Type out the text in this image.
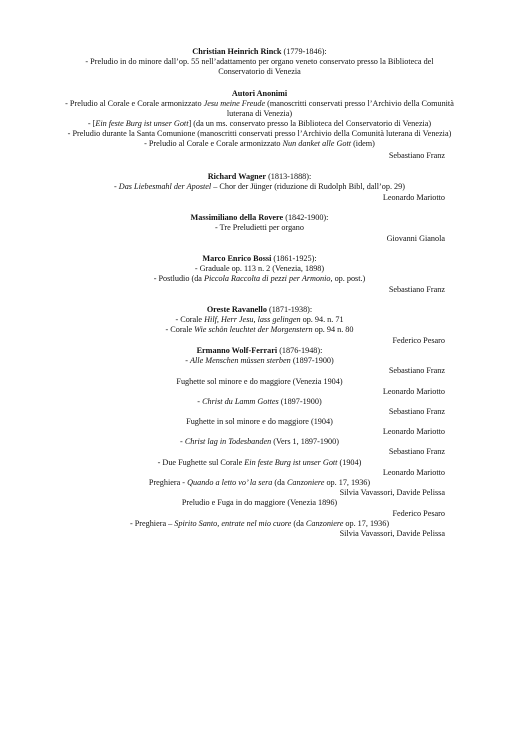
Christian Heinrich Rinck (1779-1846):
- Preludio in do minore dall’op. 55 nell’adattamento per organo veneto conservato presso la Biblioteca del
Conservatorio di Venezia
Autori Anonimi
- Preludio al Corale e Corale armonizzato Jesu meine Freude (manoscritti conservati presso l’Archivio della Comunità
luterana di Venezia)
- [Ein feste Burg ist unser Gott] (da un ms. conservato presso la Biblioteca del Conservatorio di Venezia)
- Preludio durante la Santa Comunione (manoscritti conservati presso l’Archivio della Comunità luterana di Venezia)
- Preludio al Corale e Corale armonizzato Nun danket alle Gott (idem)
Sebastiano Franz
Richard Wagner (1813-1888):
- Das Liebesmahl der Apostel – Chor der Jünger (riduzione di Rudolph Bibl, dall’op. 29)
Leonardo Mariotto
Massimiliano della Rovere (1842-1900):
- Tre Preludietti per organo
Giovanni Gianola
Marco Enrico Bossi (1861-1925):
- Graduale op. 113 n. 2 (Venezia, 1898)
- Postludio (da Piccola Raccolta di pezzi per Armonio, op. post.)
Sebastiano Franz
Oreste Ravanello (1871-1938):
- Corale Hilf, Herr Jesu, lass gelingen op. 94. n. 71
- Corale Wie schön leuchtet der Morgenstern op. 94 n. 80
Federico Pesaro
Ermanno Wolf-Ferrari (1876-1948):
- Alle Menschen müssen sterben (1897-1900)
Sebastiano Franz
Fughette sol minore e do maggiore (Venezia 1904)
Leonardo Mariotto
- Christ du Lamm Gottes (1897-1900)
Sebastiano Franz
Fughette in sol minore e do maggiore (1904)
Leonardo Mariotto
- Christ lag in Todesbanden (Vers 1, 1897-1900)
Sebastiano Franz
- Due Fughette sul Corale Ein feste Burg ist unser Gott (1904)
Leonardo Mariotto
Preghiera - Quando a letto vo’ la sera (da Canzoniere op. 17, 1936)
Silvia Vavassori, Davide Pelissa
Preludio e Fuga in do maggiore (Venezia 1896)
Federico Pesaro
- Preghiera – Spirito Santo, entrate nel mio cuore (da Canzoniere op. 17, 1936)
Silvia Vavassori, Davide Pelissa
